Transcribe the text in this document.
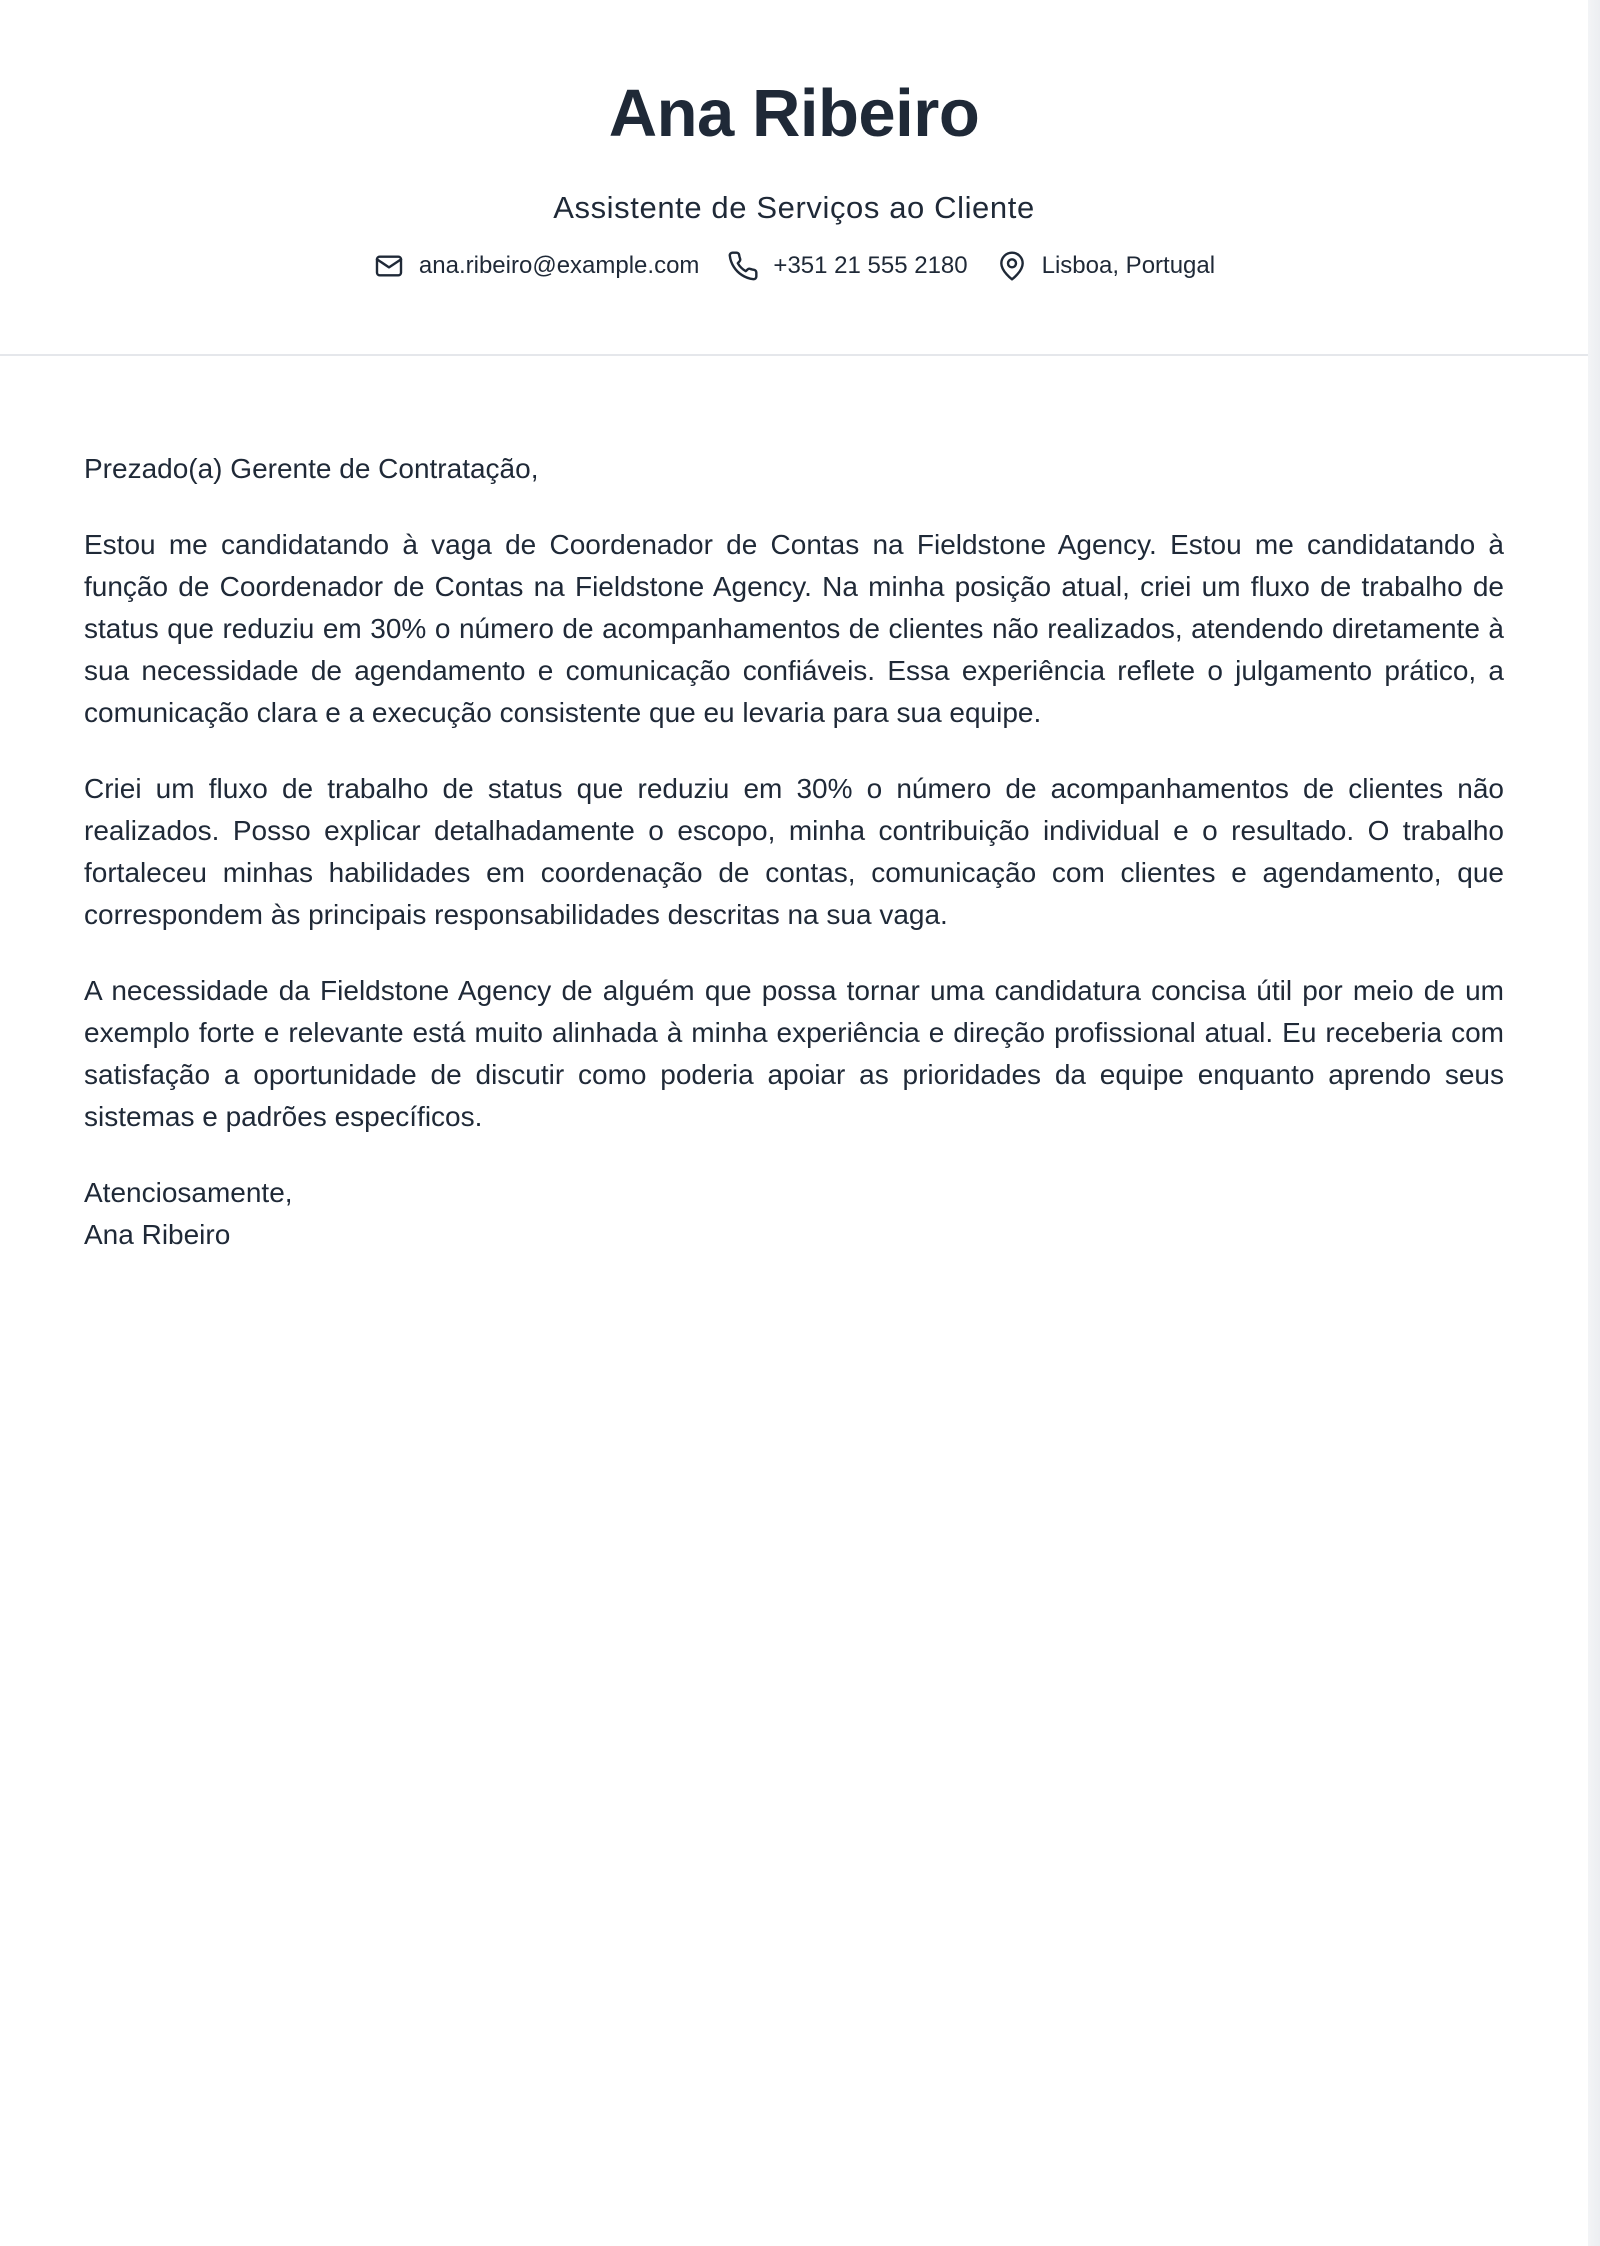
Ana Ribeiro
Assistente de Serviços ao Cliente
ana.ribeiro@example.com	+351 21 555 2180	Lisboa, Portugal

Prezado(a) Gerente de Contratação,

Estou me candidatando à vaga de Coordenador de Contas na Fieldstone Agency. Estou me candidatando à função de Coordenador de Contas na Fieldstone Agency. Na minha posição atual, criei um fluxo de trabalho de status que reduziu em 30% o número de acompanhamentos de clientes não realizados, atendendo diretamente à sua necessidade de agendamento e comunicação confiáveis. Essa experiência reflete o julgamento prático, a comunicação clara e a execução consistente que eu levaria para sua equipe.

Criei um fluxo de trabalho de status que reduziu em 30% o número de acompanhamentos de clientes não realizados. Posso explicar detalhadamente o escopo, minha contribuição individual e o resultado. O trabalho fortaleceu minhas habilidades em coordenação de contas, comunicação com clientes e agendamento, que correspondem às principais responsabilidades descritas na sua vaga.

A necessidade da Fieldstone Agency de alguém que possa tornar uma candidatura concisa útil por meio de um exemplo forte e relevante está muito alinhada à minha experiência e direção profissional atual. Eu receberia com satisfação a oportunidade de discutir como poderia apoiar as prioridades da equipe enquanto aprendo seus sistemas e padrões específicos.

Atenciosamente,

Ana Ribeiro
